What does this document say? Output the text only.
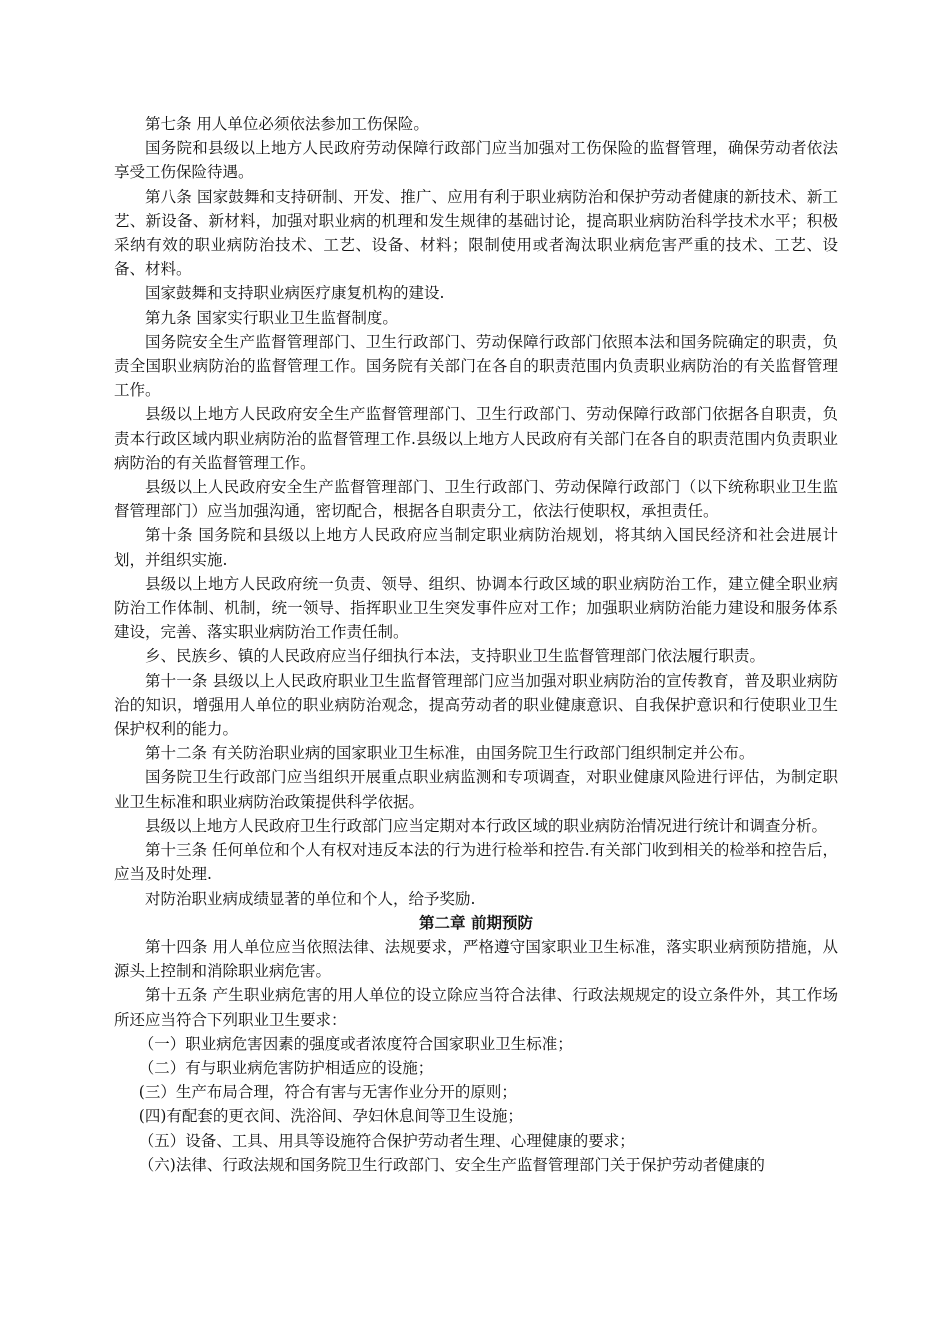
第七条 用人单位必须依法参加工伤保险。

国务院和县级以上地方人民政府劳动保障行政部门应当加强对工伤保险的监督管理，确保劳动者依法享受工伤保险待遇。

第八条 国家鼓舞和支持研制、开发、推广、应用有利于职业病防治和保护劳动者健康的新技术、新工艺、新设备、新材料，加强对职业病的机理和发生规律的基础讨论，提高职业病防治科学技术水平；积极采纳有效的职业病防治技术、工艺、设备、材料；限制使用或者淘汰职业病危害严重的技术、工艺、设备、材料。

国家鼓舞和支持职业病医疗康复机构的建设.

第九条 国家实行职业卫生监督制度。

国务院安全生产监督管理部门、卫生行政部门、劳动保障行政部门依照本法和国务院确定的职责，负责全国职业病防治的监督管理工作。国务院有关部门在各自的职责范围内负责职业病防治的有关监督管理工作。

县级以上地方人民政府安全生产监督管理部门、卫生行政部门、劳动保障行政部门依据各自职责，负责本行政区域内职业病防治的监督管理工作.县级以上地方人民政府有关部门在各自的职责范围内负责职业病防治的有关监督管理工作。

县级以上人民政府安全生产监督管理部门、卫生行政部门、劳动保障行政部门（以下统称职业卫生监督管理部门）应当加强沟通，密切配合，根据各自职责分工，依法行使职权，承担责任。

第十条 国务院和县级以上地方人民政府应当制定职业病防治规划，将其纳入国民经济和社会进展计划，并组织实施.

县级以上地方人民政府统一负责、领导、组织、协调本行政区域的职业病防治工作，建立健全职业病防治工作体制、机制，统一领导、指挥职业卫生突发事件应对工作；加强职业病防治能力建设和服务体系建设，完善、落实职业病防治工作责任制。

乡、民族乡、镇的人民政府应当仔细执行本法，支持职业卫生监督管理部门依法履行职责。

第十一条 县级以上人民政府职业卫生监督管理部门应当加强对职业病防治的宣传教育，普及职业病防治的知识，增强用人单位的职业病防治观念，提高劳动者的职业健康意识、自我保护意识和行使职业卫生保护权利的能力。

第十二条 有关防治职业病的国家职业卫生标准，由国务院卫生行政部门组织制定并公布。

国务院卫生行政部门应当组织开展重点职业病监测和专项调查，对职业健康风险进行评估，为制定职业卫生标准和职业病防治政策提供科学依据。

县级以上地方人民政府卫生行政部门应当定期对本行政区域的职业病防治情况进行统计和调查分析。

第十三条 任何单位和个人有权对违反本法的行为进行检举和控告.有关部门收到相关的检举和控告后，应当及时处理.

对防治职业病成绩显著的单位和个人，给予奖励.

第二章 前期预防

第十四条 用人单位应当依照法律、法规要求，严格遵守国家职业卫生标准，落实职业病预防措施，从源头上控制和消除职业病危害。

第十五条 产生职业病危害的用人单位的设立除应当符合法律、行政法规规定的设立条件外，其工作场所还应当符合下列职业卫生要求：

（一）职业病危害因素的强度或者浓度符合国家职业卫生标准；

（二）有与职业病危害防护相适应的设施；

(三）生产布局合理，符合有害与无害作业分开的原则；

(四)有配套的更衣间、洗浴间、孕妇休息间等卫生设施；

（五）设备、工具、用具等设施符合保护劳动者生理、心理健康的要求；

（六)法律、行政法规和国务院卫生行政部门、安全生产监督管理部门关于保护劳动者健康的
